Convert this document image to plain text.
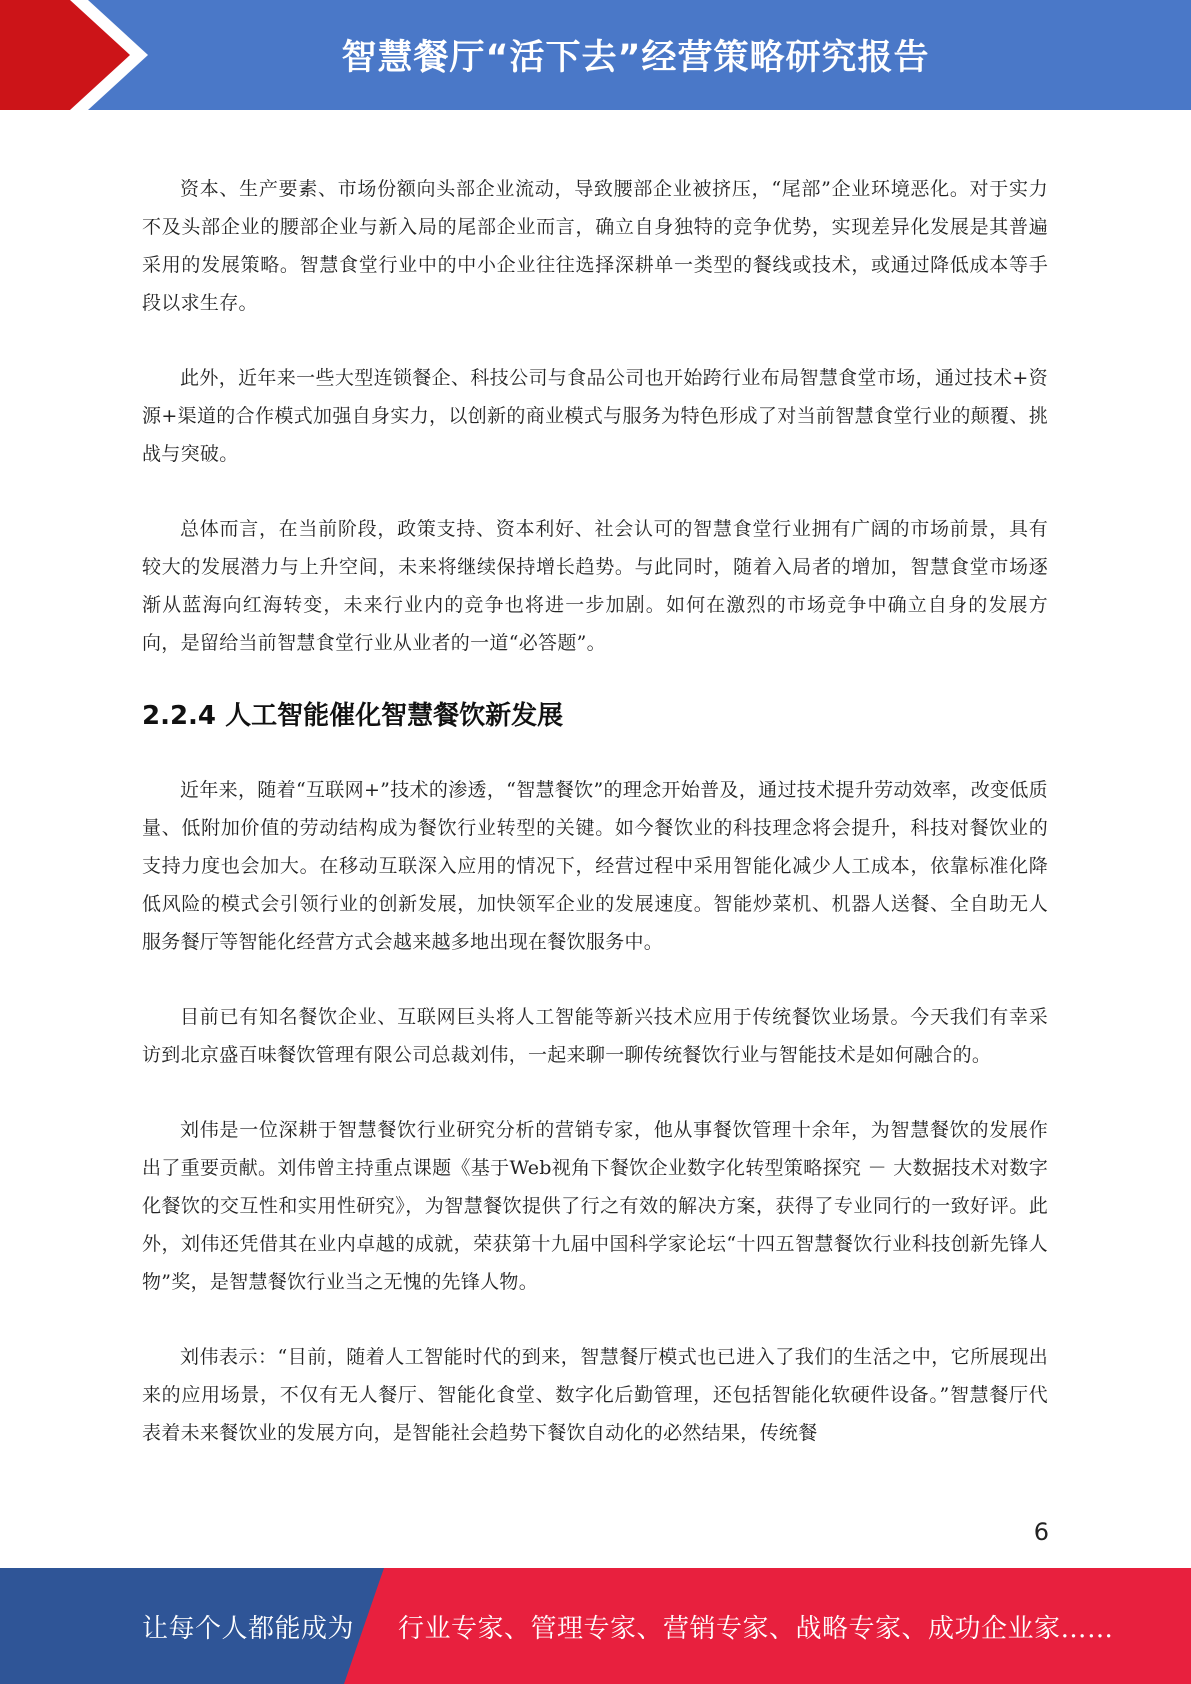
智慧餐厅“活下去”经营策略研究报告

资本、生产要素、市场份额向头部企业流动，导致腰部企业被挤压，“尾部”企业环境恶化。对于实力不及头部企业的腰部企业与新入局的尾部企业而言，确立自身独特的竞争优势，实现差异化发展是其普遍采用的发展策略。智慧食堂行业中的中小企业往往选择深耕单一类型的餐线或技术，或通过降低成本等手段以求生存。

此外，近年来一些大型连锁餐企、科技公司与食品公司也开始跨行业布局智慧食堂市场，通过技术+资源+渠道的合作模式加强自身实力，以创新的商业模式与服务为特色形成了对当前智慧食堂行业的颠覆、挑战与突破。

总体而言，在当前阶段，政策支持、资本利好、社会认可的智慧食堂行业拥有广阔的市场前景，具有较大的发展潜力与上升空间，未来将继续保持增长趋势。与此同时，随着入局者的增加，智慧食堂市场逐渐从蓝海向红海转变，未来行业内的竞争也将进一步加剧。如何在激烈的市场竞争中确立自身的发展方向，是留给当前智慧食堂行业从业者的一道“必答题”。

2.2.4 人工智能催化智慧餐饮新发展

近年来，随着“互联网+”技术的渗透，“智慧餐饮”的理念开始普及，通过技术提升劳动效率，改变低质量、低附加价值的劳动结构成为餐饮行业转型的关键。如今餐饮业的科技理念将会提升，科技对餐饮业的支持力度也会加大。在移动互联深入应用的情况下，经营过程中采用智能化减少人工成本，依靠标准化降低风险的模式会引领行业的创新发展，加快领军企业的发展速度。智能炒菜机、机器人送餐、全自助无人服务餐厅等智能化经营方式会越来越多地出现在餐饮服务中。

目前已有知名餐饮企业、互联网巨头将人工智能等新兴技术应用于传统餐饮业场景。今天我们有幸采访到北京盛百味餐饮管理有限公司总裁刘伟，一起来聊一聊传统餐饮行业与智能技术是如何融合的。

刘伟是一位深耕于智慧餐饮行业研究分析的营销专家，他从事餐饮管理十余年，为智慧餐饮的发展作出了重要贡献。刘伟曾主持重点课题《基于Web视角下餐饮企业数字化转型策略探究 － 大数据技术对数字化餐饮的交互性和实用性研究》，为智慧餐饮提供了行之有效的解决方案，获得了专业同行的一致好评。此外，刘伟还凭借其在业内卓越的成就，荣获第十九届中国科学家论坛“十四五智慧餐饮行业科技创新先锋人物”奖，是智慧餐饮行业当之无愧的先锋人物。

刘伟表示：“目前，随着人工智能时代的到来，智慧餐厅模式也已进入了我们的生活之中，它所展现出来的应用场景，不仅有无人餐厅、智能化食堂、数字化后勤管理，还包括智能化软硬件设备。”智慧餐厅代表着未来餐饮业的发展方向，是智能社会趋势下餐饮自动化的必然结果，传统餐

6
让每个人都能成为 行业专家、管理专家、营销专家、战略专家、成功企业家……
